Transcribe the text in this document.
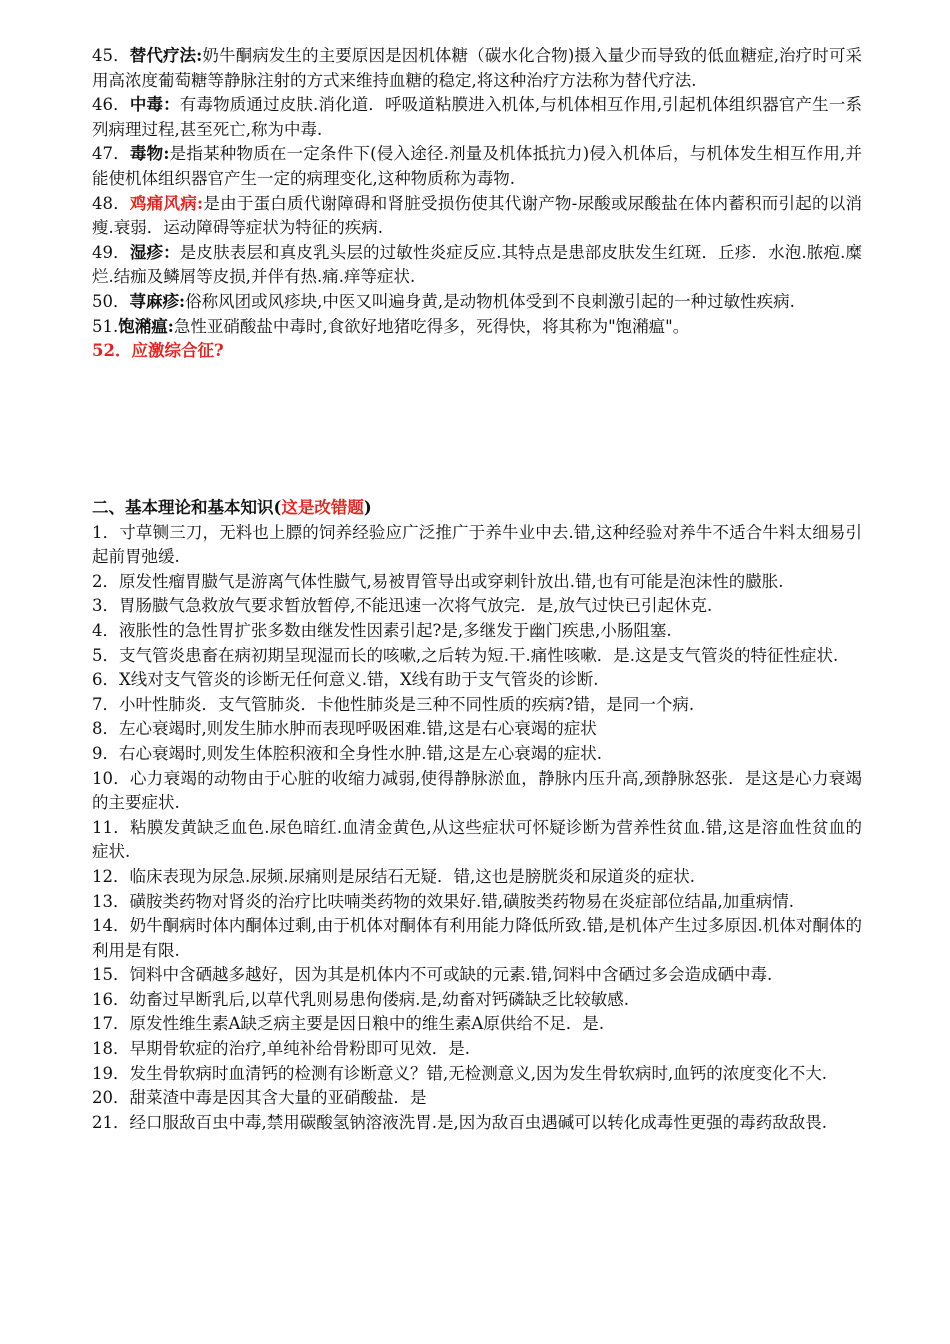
45．替代疗法:奶牛酮病发生的主要原因是因机体糖（碳水化合物)摄入量少而导致的低血糖症,治疗时可采用高浓度葡萄糖等静脉注射的方式来维持血糖的稳定,将这种治疗方法称为替代疗法.

46．中毒：有毒物质通过皮肤.消化道．呼吸道粘膜进入机体,与机体相互作用,引起机体组织器官产生一系列病理过程,甚至死亡,称为中毒.

47．毒物:是指某种物质在一定条件下(侵入途径.剂量及机体抵抗力)侵入机体后，与机体发生相互作用,并能使机体组织器官产生一定的病理变化,这种物质称为毒物.

48．鸡痛风病:是由于蛋白质代谢障碍和肾脏受损伤使其代谢产物-尿酸或尿酸盐在体内蓄积而引起的以消瘦.衰弱．运动障碍等症状为特征的疾病.

49．湿疹：是皮肤表层和真皮乳头层的过敏性炎症反应.其特点是患部皮肤发生红斑．丘疹．水泡.脓疱.糜烂.结痂及鳞屑等皮损,并伴有热.痛.痒等症状.

50．荨麻疹:俗称风团或风疹块,中医又叫遍身黄,是动物机体受到不良刺激引起的一种过敏性疾病.

51.饱潲瘟:急性亚硝酸盐中毒时,食欲好地猪吃得多，死得快，将其称为"饱潲瘟"。

52．应激综合征?

二、基本理论和基本知识(这是改错题)

1．寸草铡三刀，无料也上膘的饲养经验应广泛推广于养牛业中去.错,这种经验对养牛不适合牛料太细易引起前胃弛缓.

2．原发性瘤胃臌气是游离气体性臌气,易被胃管导出或穿刺针放出.错,也有可能是泡沫性的臌胀.

3．胃肠臌气急救放气要求暂放暂停,不能迅速一次将气放完．是,放气过快已引起休克.

4．液胀性的急性胃扩张多数由继发性因素引起?是,多继发于幽门疾患,小肠阻塞.

5．支气管炎患畜在病初期呈现湿而长的咳嗽,之后转为短.干.痛性咳嗽．是.这是支气管炎的特征性症状.

6．X线对支气管炎的诊断无任何意义.错，X线有助于支气管炎的诊断.

7．小叶性肺炎．支气管肺炎．卡他性肺炎是三种不同性质的疾病?错，是同一个病.

8．左心衰竭时,则发生肺水肿而表现呼吸困难.错,这是右心衰竭的症状

9．右心衰竭时,则发生体腔积液和全身性水肿.错,这是左心衰竭的症状.

10．心力衰竭的动物由于心脏的收缩力减弱,使得静脉淤血，静脉内压升高,颈静脉怒张．是这是心力衰竭的主要症状.

11．粘膜发黄缺乏血色.尿色暗红.血清金黄色,从这些症状可怀疑诊断为营养性贫血.错,这是溶血性贫血的症状.

12．临床表现为尿急.尿频.尿痛则是尿结石无疑．错,这也是膀胱炎和尿道炎的症状.

13．磺胺类药物对肾炎的治疗比呋喃类药物的效果好.错,磺胺类药物易在炎症部位结晶,加重病情.

14．奶牛酮病时体内酮体过剩,由于机体对酮体有利用能力降低所致.错,是机体产生过多原因.机体对酮体的利用是有限.

15．饲料中含硒越多越好，因为其是机体内不可或缺的元素.错,饲料中含硒过多会造成硒中毒.

16．幼畜过早断乳后,以草代乳则易患佝偻病.是,幼畜对钙磷缺乏比较敏感.

17．原发性维生素A缺乏病主要是因日粮中的维生素A原供给不足．是.

18．早期骨软症的治疗,单纯补给骨粉即可见效．是.

19．发生骨软病时血清钙的检测有诊断意义？错,无检测意义,因为发生骨软病时,血钙的浓度变化不大.

20．甜菜渣中毒是因其含大量的亚硝酸盐．是

21．经口服敌百虫中毒,禁用碳酸氢钠溶液洗胃.是,因为敌百虫遇碱可以转化成毒性更强的毒药敌敌畏.
